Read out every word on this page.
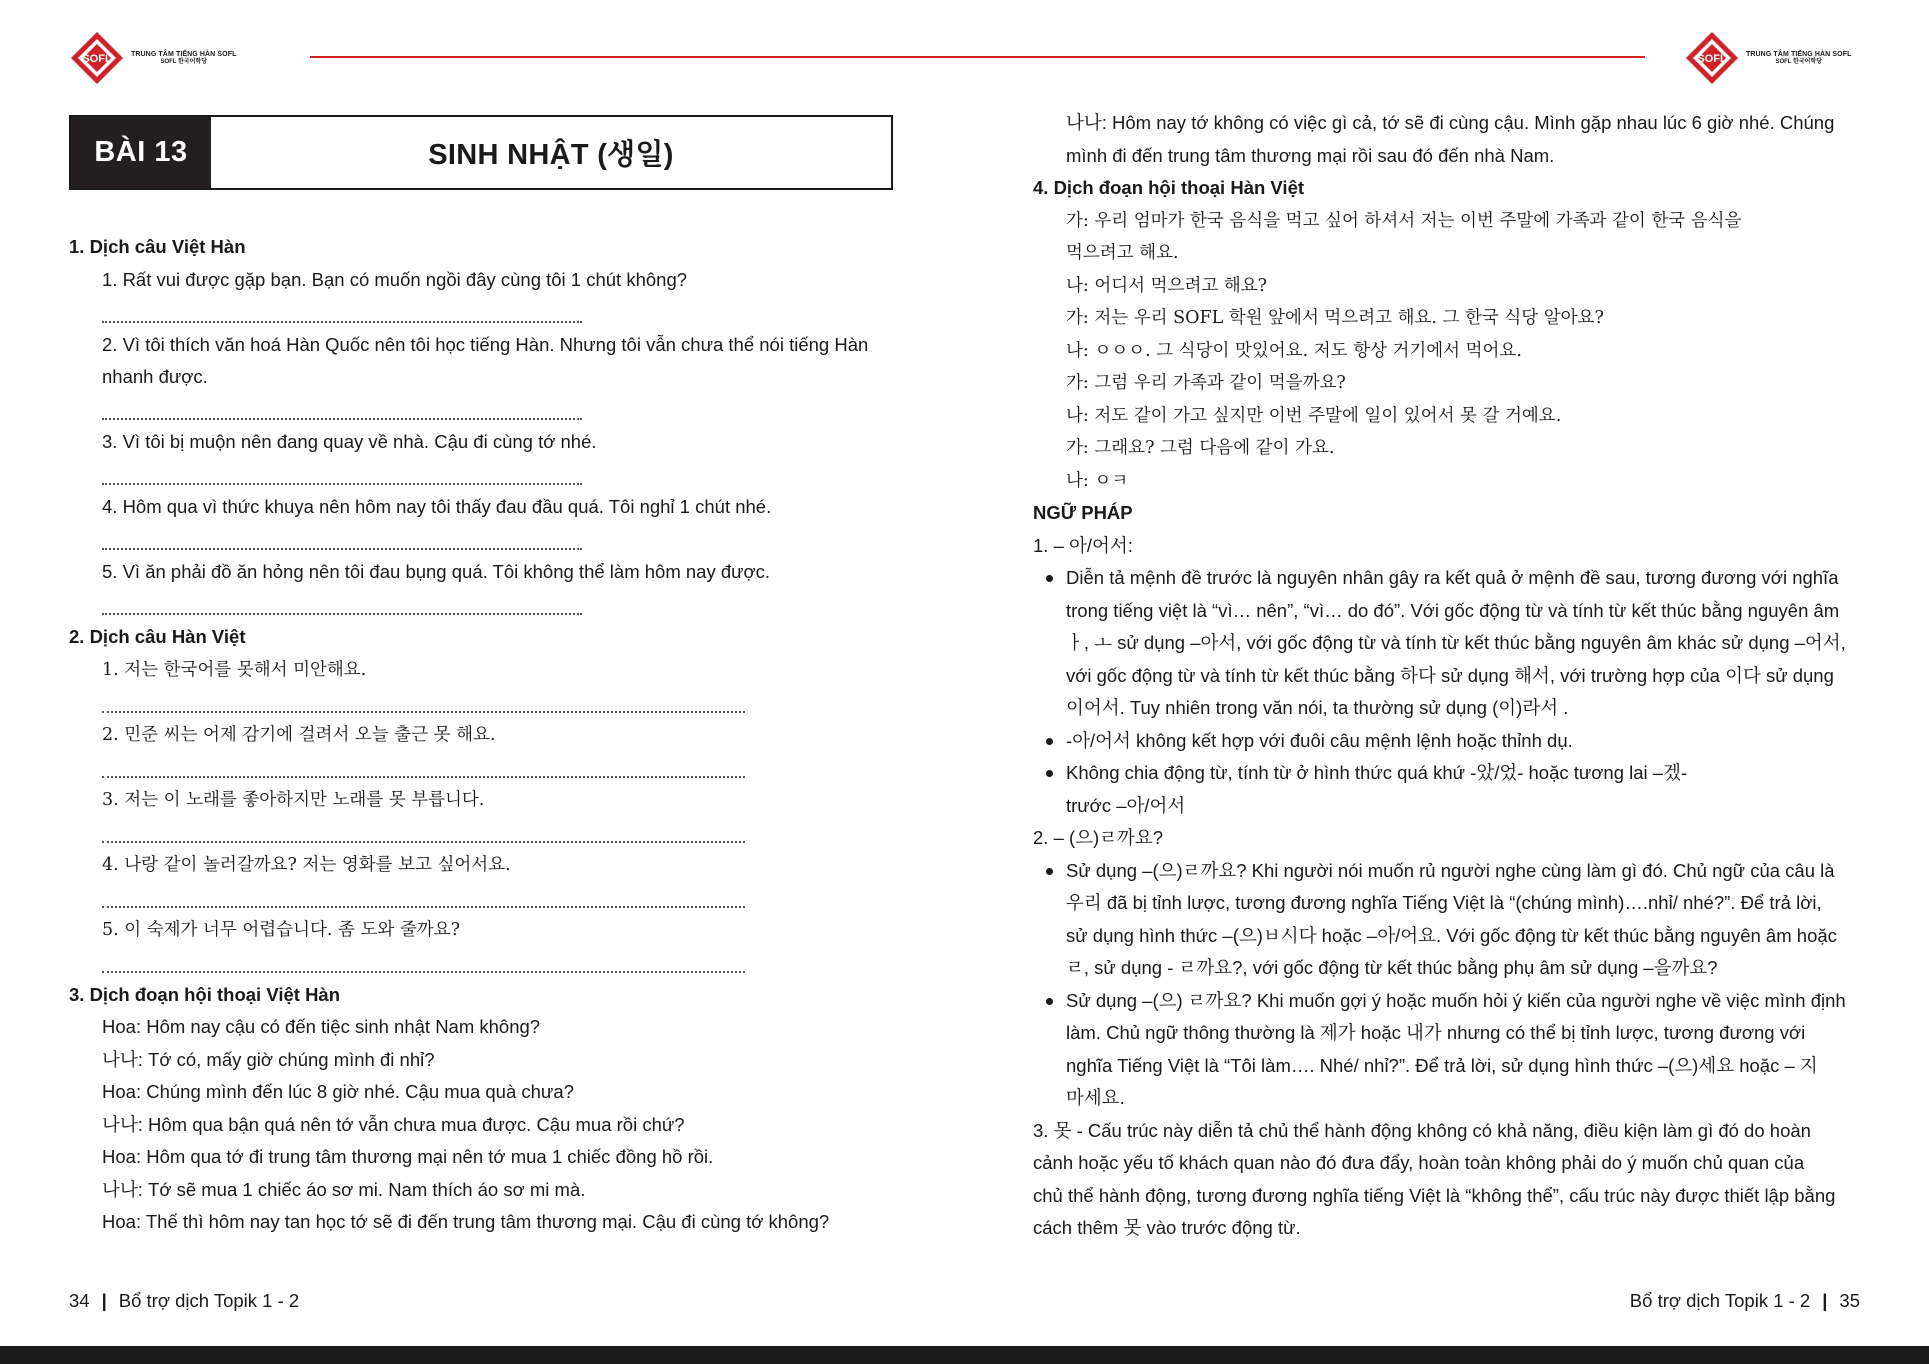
SOFL	TRUNG TÂM TIẾNG HÀN SOFL
SOFL 한국어학당
BÀI 13	SINH NHẬT (생일)
1. Dịch câu Việt Hàn
1. Rất vui được gặp bạn. Bạn có muốn ngồi đây cùng tôi 1 chút không?
2. Vì tôi thích văn hoá Hàn Quốc nên tôi học tiếng Hàn. Nhưng tôi vẫn chưa thể nói tiếng Hàn
nhanh được.
3. Vì tôi bị muộn nên đang quay về nhà. Cậu đi cùng tớ nhé.
4. Hôm qua vì thức khuya nên hôm nay tôi thấy đau đầu quá. Tôi nghỉ 1 chút nhé.
5. Vì ăn phải đồ ăn hỏng nên tôi đau bụng quá. Tôi không thể làm hôm nay được.
2. Dịch câu Hàn Việt
1. 저는 한국어를 못해서 미안해요.
2. 민준 씨는 어제 감기에 걸려서 오늘 출근 못 해요.
3. 저는 이 노래를 좋아하지만 노래를 못 부릅니다.
4. 나랑 같이 놀러갈까요? 저는 영화를 보고 싶어서요.
5. 이 숙제가 너무 어렵습니다. 좀 도와 줄까요?
3. Dịch đoạn hội thoại Việt Hàn
Hoa: Hôm nay cậu có đến tiệc sinh nhật Nam không?
나나: Tớ có, mấy giờ chúng mình đi nhỉ?
Hoa: Chúng mình đến lúc 8 giờ nhé. Cậu mua quà chưa?
나나: Hôm qua bận quá nên tớ vẫn chưa mua được. Cậu mua rồi chứ?
Hoa: Hôm qua tớ đi trung tâm thương mại nên tớ mua 1 chiếc đồng hồ rồi.
나나: Tớ sẽ mua 1 chiếc áo sơ mi. Nam thích áo sơ mi mà.
Hoa: Thế thì hôm nay tan học tớ sẽ đi đến trung tâm thương mại. Cậu đi cùng tớ không?
34 | Bổ trợ dịch Topik 1 - 2
SOFL	TRUNG TÂM TIẾNG HÀN SOFL
SOFL 한국어학당
나나: Hôm nay tớ không có việc gì cả, tớ sẽ đi cùng cậu. Mình gặp nhau lúc 6 giờ nhé. Chúng
mình đi đến trung tâm thương mại rồi sau đó đến nhà Nam.
4. Dịch đoạn hội thoại Hàn Việt
가: 우리 엄마가 한국 음식을 먹고 싶어 하셔서 저는 이번 주말에 가족과 같이 한국 음식을
먹으려고 해요.
나: 어디서 먹으려고 해요?
가: 저는 우리 SOFL 학원 앞에서 먹으려고 해요. 그 한국 식당 알아요?
나: ㅇㅇㅇ. 그 식당이 맛있어요. 저도 항상 거기에서 먹어요.
가: 그럼 우리 가족과 같이 먹을까요?
나: 저도 같이 가고 싶지만 이번 주말에 일이 있어서 못 갈 거예요.
가: 그래요? 그럼 다음에 같이 가요.
나: ㅇㅋ
NGỮ PHÁP
1. – 아/어서:
Diễn tả mệnh đề trước là nguyên nhân gây ra kết quả ở mệnh đề sau, tương đương với nghĩa
trong tiếng việt là “vì… nên”, “vì… do đó”. Với gốc động từ và tính từ kết thúc bằng nguyên âm
ㅏ, ㅗ sử dụng –아서, với gốc động từ và tính từ kết thúc bằng nguyên âm khác sử dụng –어서,
với gốc động từ và tính từ kết thúc bằng 하다 sử dụng 해서, với trường hợp của 이다 sử dụng
이어서. Tuy nhiên trong văn nói, ta thường sử dụng (이)라서 .
-아/어서 không kết hợp với đuôi câu mệnh lệnh hoặc thỉnh dụ.
Không chia động từ, tính từ ở hình thức quá khứ -았/었- hoặc tương lai –겠-
trước –아/어서
2. – (으)ㄹ까요?
Sử dụng –(으)ㄹ까요? Khi người nói muốn rủ người nghe cùng làm gì đó. Chủ ngữ của câu là
우리 đã bị tỉnh lược, tương đương nghĩa Tiếng Việt là “(chúng mình)….nhỉ/ nhé?”. Để trả lời,
sử dụng hình thức –(으)ㅂ시다 hoặc –아/어요. Với gốc động từ kết thúc bằng nguyên âm hoặc
ㄹ, sử dụng - ㄹ까요?, với gốc động từ kết thúc bằng phụ âm sử dụng –을까요?
Sử dụng –(으) ㄹ까요? Khi muốn gợi ý hoặc muốn hỏi ý kiến của người nghe về việc mình định
làm. Chủ ngữ thông thường là 제가 hoặc 내가 nhưng có thể bị tỉnh lược, tương đương với
nghĩa Tiếng Việt là “Tôi làm…. Nhé/ nhỉ?”. Để trả lời, sử dụng hình thức –(으)세요 hoặc – 지
마세요.
3. 못 - Cấu trúc này diễn tả chủ thể hành động không có khả năng, điều kiện làm gì đó do hoàn
cảnh hoặc yếu tố khách quan nào đó đưa đẩy, hoàn toàn không phải do ý muốn chủ quan của
chủ thể hành động, tương đương nghĩa tiếng Việt là “không thể”, cấu trúc này được thiết lập bằng
cách thêm 못 vào trước động từ.
Bổ trợ dịch Topik 1 - 2 | 35
